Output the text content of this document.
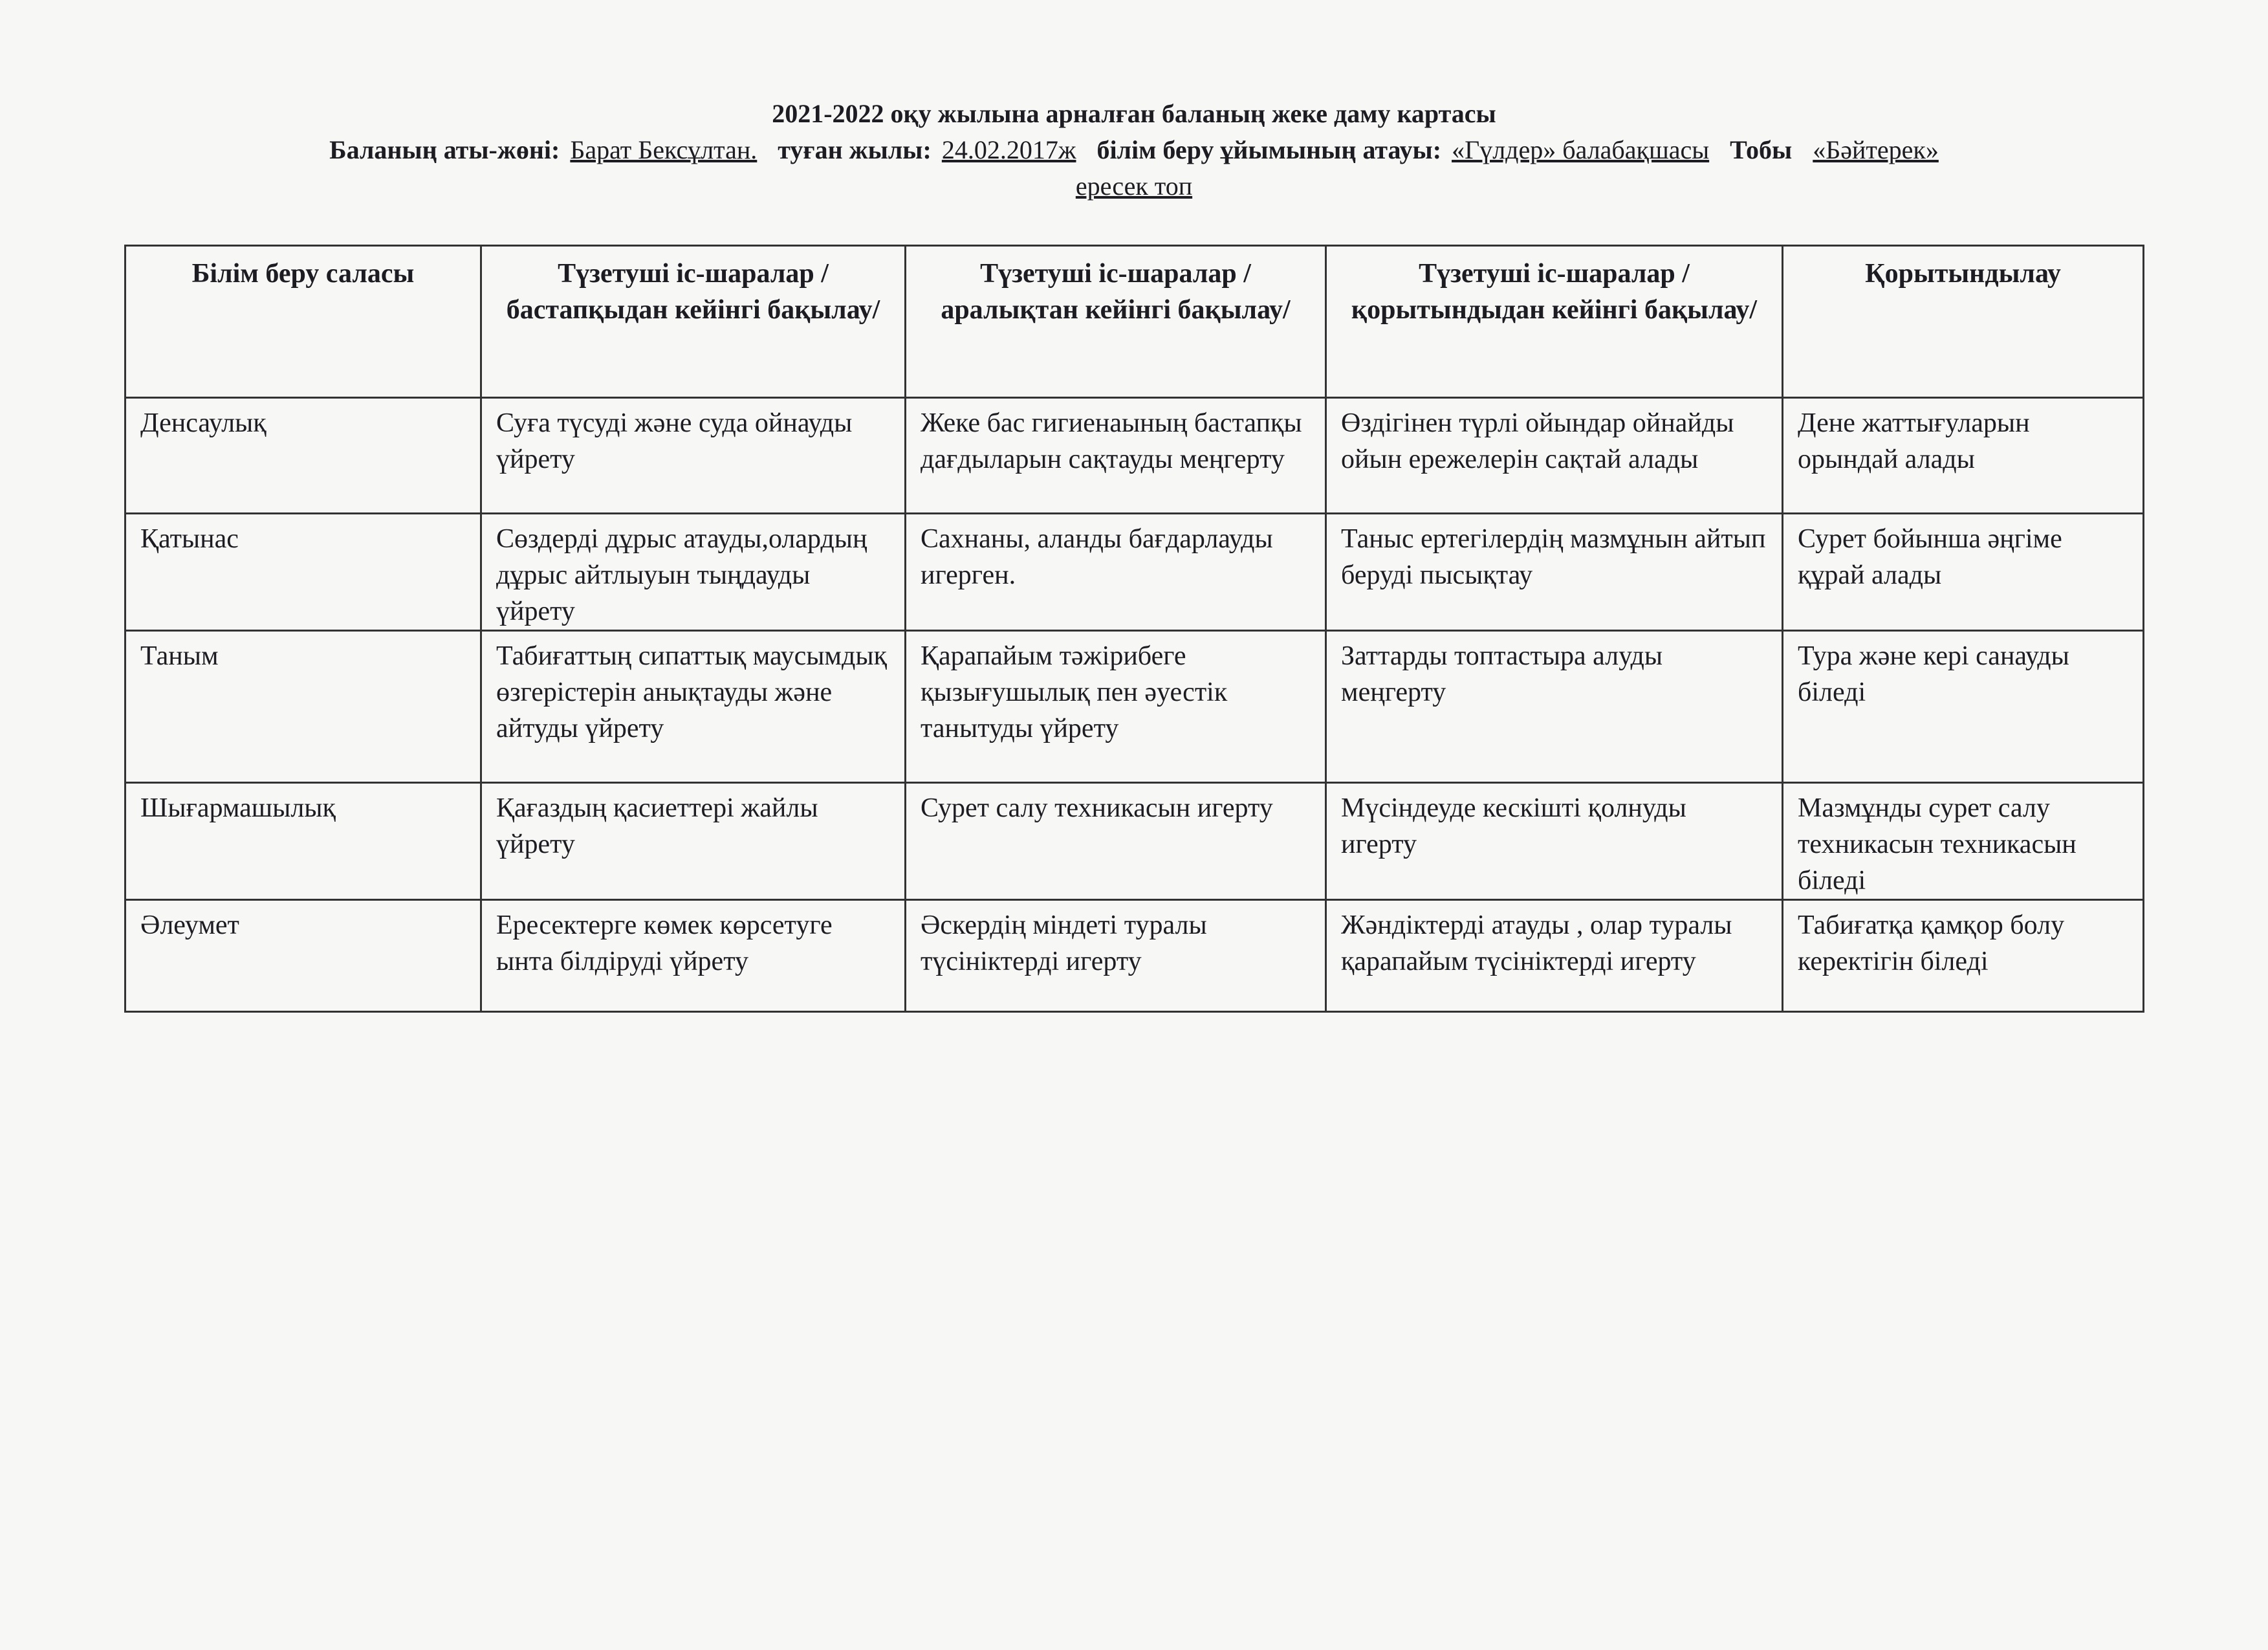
2021-2022 оқу жылына арналған баланың жеке даму картасы
Баланың аты-жөні: Барат Бексұлтан. туған жылы: 24.02.2017ж білім беру ұйымының атауы: «Гүлдер» балабақшасы Тобы «Бәйтерек»
ересек топ
Білім беру саласы	Түзетуші іс-шаралар /бастапқыдан кейінгі бақылау/	Түзетуші іс-шаралар / аралықтан кейінгі бақылау/	Түзетуші іс-шаралар / қорытындыдан кейінгі бақылау/	Қорытындылау
Денсаулық	Суға түсуді және суда ойнауды үйрету	Жеке бас гигиенаының бастапқы дағдыларын сақтауды меңгерту	Өздігінен түрлі ойындар ойнайды ойын ережелерін сақтай алады	Дене жаттығуларын орындай алады
Қатынас	Сөздерді дұрыс атауды,олардың дұрыс айтлыуын тыңдауды үйрету	Сахнаны, аланды бағдарлауды игерген.	Таныс ертегілердің мазмұнын айтып беруді пысықтау	Сурет бойынша әңгіме құрай алады
Таным	Табиғаттың сипаттық маусымдық өзгерістерін анықтауды және айтуды үйрету	Қарапайым тәжірибеге қызығушылық пен әуестік танытуды үйрету	Заттарды топтастыра алуды меңгерту	Тура және кері санауды біледі
Шығармашылық	Қағаздың қасиеттері жайлы үйрету	Сурет салу техникасын игерту	Мүсіндеуде кескішті қолнуды игерту	Мазмұнды сурет салу техникасын техникасын біледі
Әлеумет	Ересектерге көмек көрсетуге ынта білдіруді үйрету	Әскердің міндеті туралы түсініктерді игерту	Жәндіктерді атауды , олар туралы қарапайым түсініктерді игерту	Табиғатқа қамқор болу керектігін біледі
